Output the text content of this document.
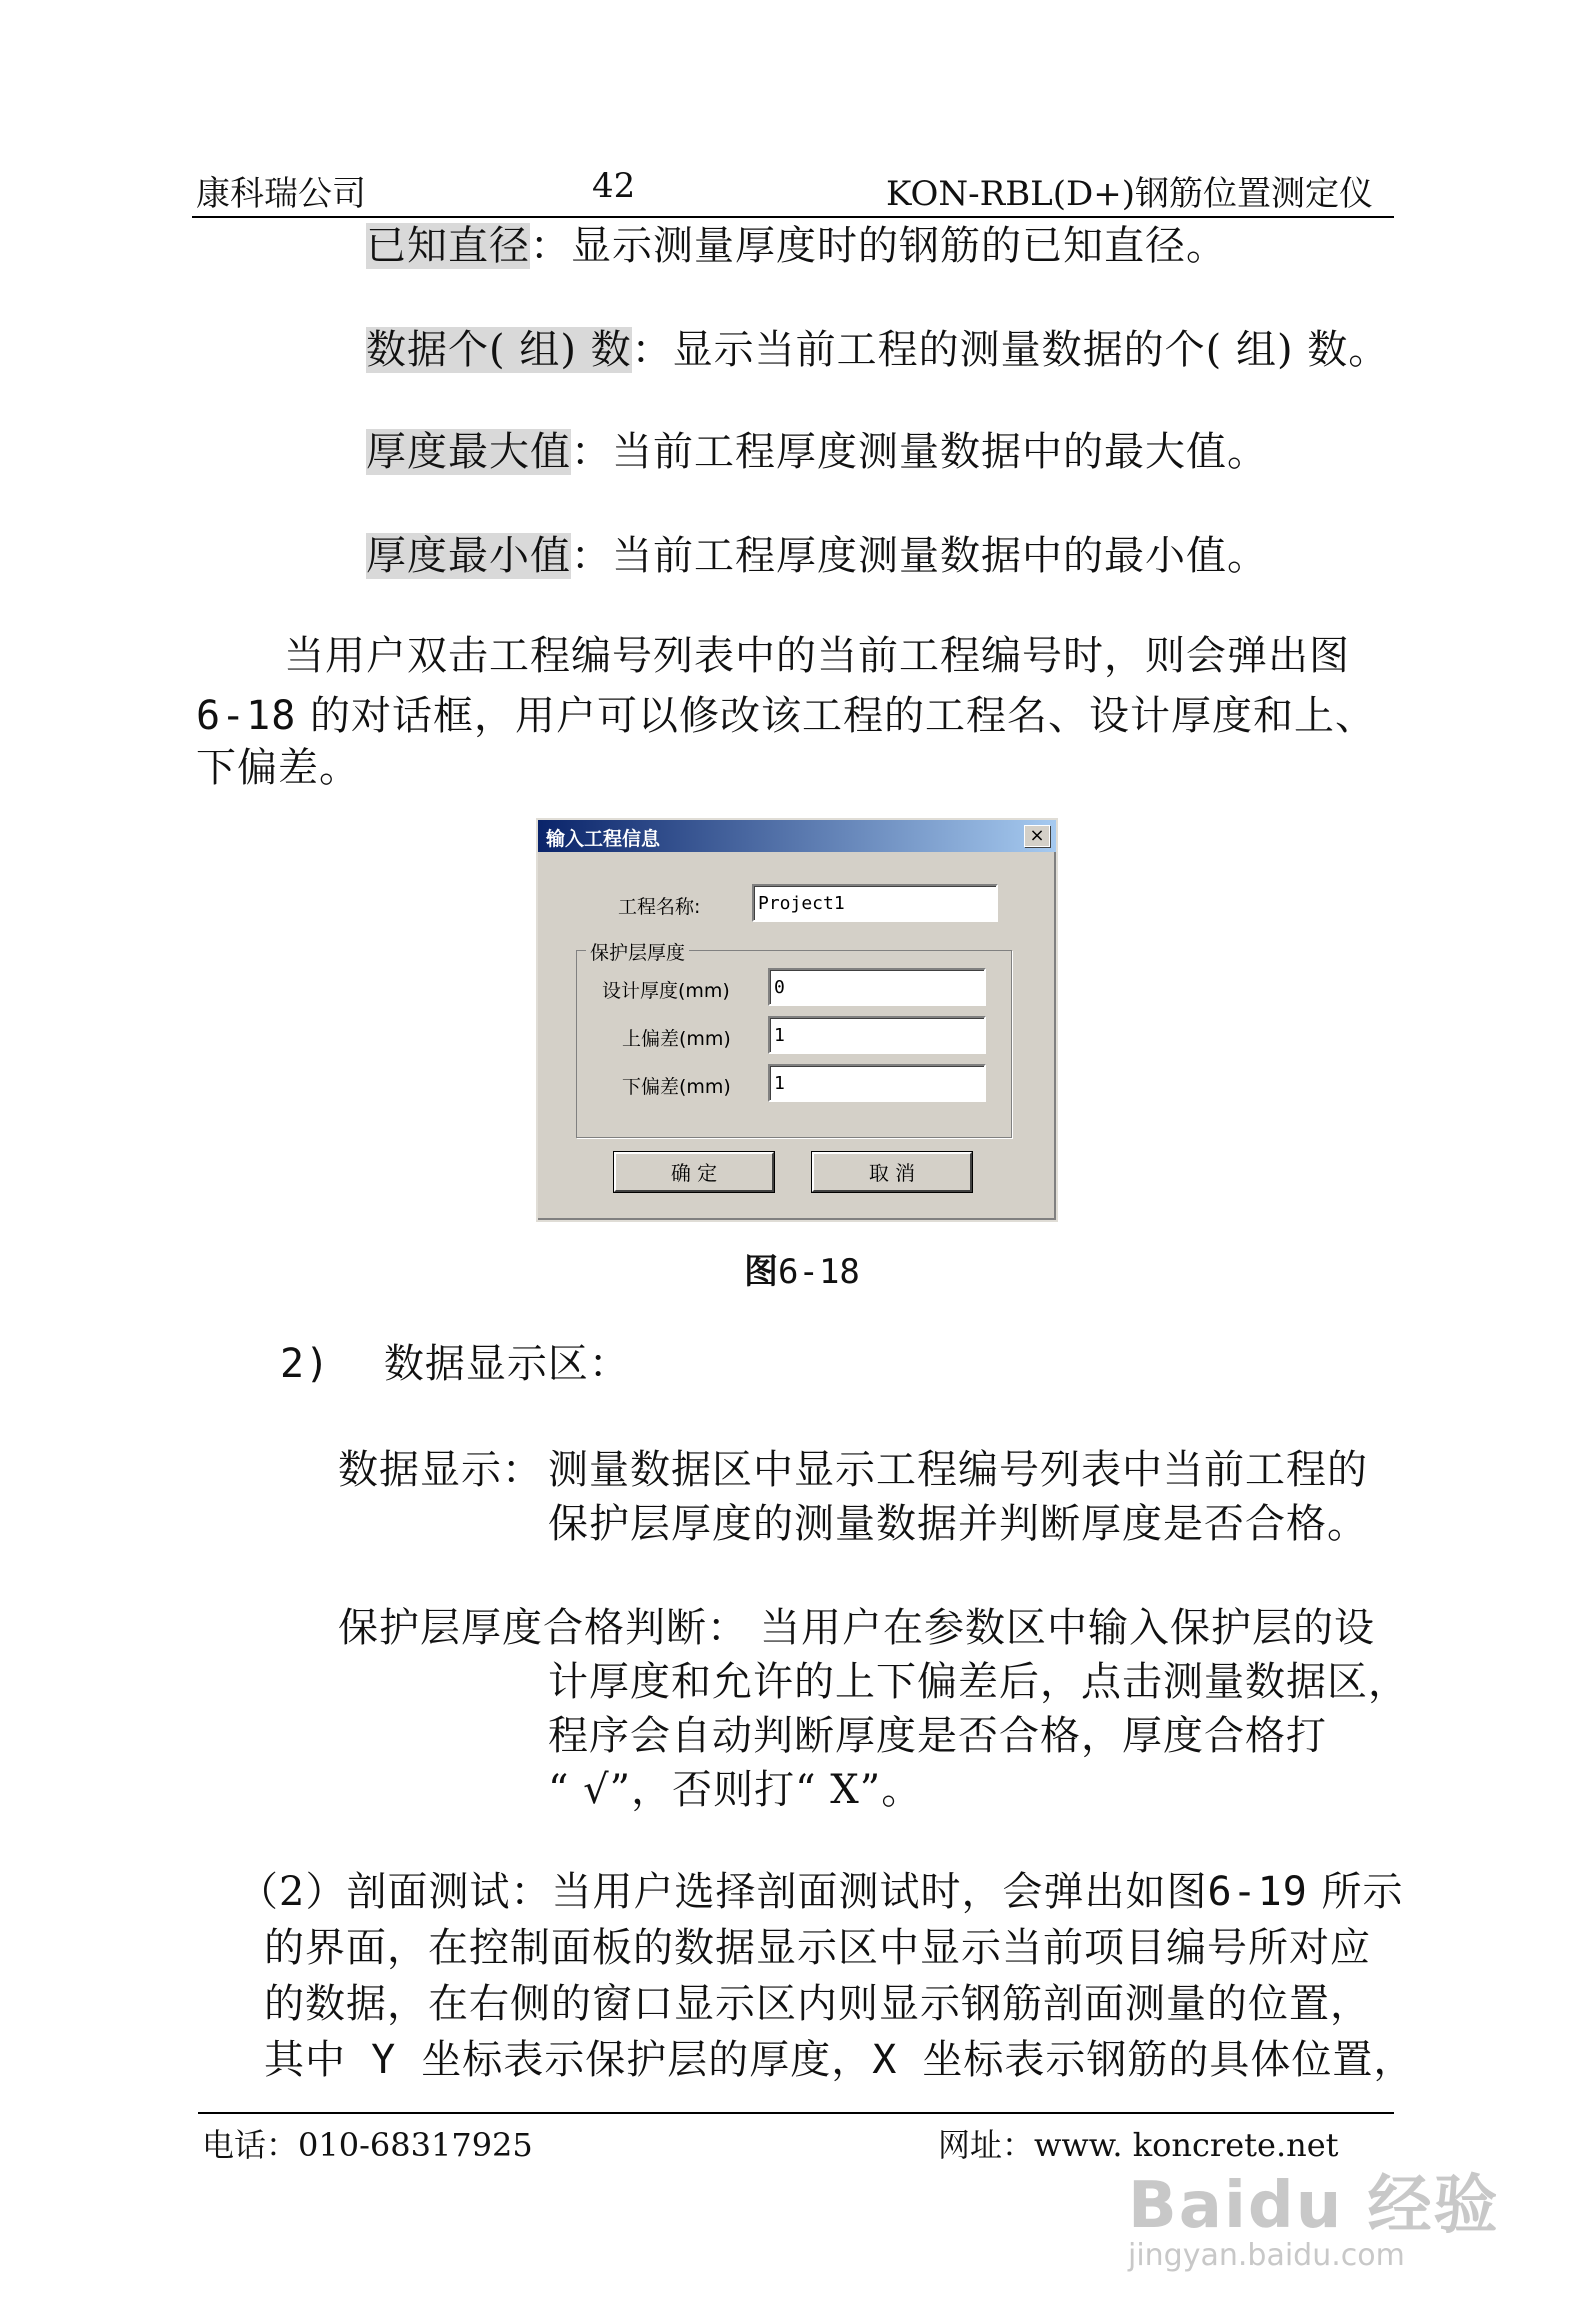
康科瑞公司	42	KON-RBL(D+)钢筋位置测定仪
已知直径：显示测量厚度时的钢筋的已知直径。
数据个( 组) 数：显示当前工程的测量数据的个( 组) 数。
厚度最大值：当前工程厚度测量数据中的最大值。
厚度最小值：当前工程厚度测量数据中的最小值。
当用户双击工程编号列表中的当前工程编号时，则会弹出图
6-18 的对话框，用户可以修改该工程的工程名、设计厚度和上、
下偏差。
输入工程信息	×
工程名称:	Project1
保护层厚度
设计厚度(mm)	0
上偏差(mm)	1
下偏差(mm)	1
确 定	取 消
图6-18
2) 数据显示区：
数据显示： 测量数据区中显示工程编号列表中当前工程的
保护层厚度的测量数据并判断厚度是否合格。
保护层厚度合格判断： 当用户在参数区中输入保护层的设
计厚度和允许的上下偏差后，点击测量数据区，
程序会自动判断厚度是否合格，厚度合格打
“ √”，否则打“ X”。
（2）剖面测试：当用户选择剖面测试时，会弹出如图6-19 所示
的界面，在控制面板的数据显示区中显示当前项目编号所对应
的数据，在右侧的窗口显示区内则显示钢筋剖面测量的位置，
其中 Y 坐标表示保护层的厚度，X 坐标表示钢筋的具体位置，
电话：010-68317925	网址：www. koncrete.net
Baidu 经验
jingyan.baidu.com
